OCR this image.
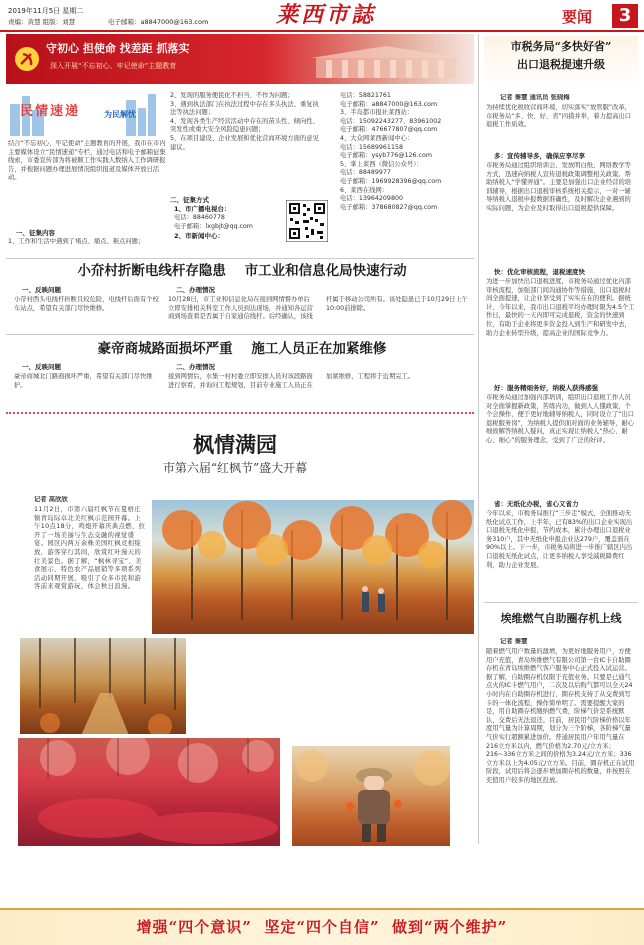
2019年11月5日 星期二
责编：黄慧 组版：刘慧	电子邮箱：a8847000@163.com	莱西市誌	要闻	3
守初心 担使命 找差距 抓落实
深入开展“不忘初心、牢记使命”主题教育
民情速递	为民解忧
结合“不忘初心、牢记使命”主题教育的开展，我市在市内主要媒体设立“民情速递”专栏，通过电话和电子邮箱征集线索，市委宣传部为将被顺工作实践人数纳入工作调研报告，并根据问题办理进展情况组织报道及媒体开放日活动。
一、征集内容
1、工作和生活中遇到了堵点、痛点、难点问题；
2、发现的服务便民化不担当、不作为问题；
3、遇到执法部门在执法过程中存在多头执法、重复执法等执法问题；
4、发现各类生产经营活动中存在的苗头性、倾向性、突发性或重大安全风险隐患问题；
5、在项目建设、企业发展和优化营商环境方面的意见建议。
二、征集方式
1、市广播电视台：
电话：88460778
电子邮箱：lxgbjt@qq.com
2、市新闻中心：
电话：58821761
电子邮箱：a8847000@163.com
3、半岛都市报社莱西站：
电话：15092243277、83961002
电子邮箱：476677807@qq.com
4、大众网莱西新闻中心：
电话：15689961158
电子邮箱：ysyb776@126.com
5、掌上莱西（微信公众号）：
电话：88489977
电子邮箱：1969928396@qq.com
6、莱西在线网：
电话：13964209800
电子邮箱：378680827@qq.com
小夼村折断电线杆存隐患    市工业和信息化局快速行动
一、反映问题
小夼村西头电线杆折断且较危险，电线杆后面有个校车站点，希望有关部门尽快维修。
二、办理情况
10月28日，市工业和信息化局在接到网情督办单后立即安排相关科室工作人员到达现场，并通知各运营商到场查看是否属于自家通信线杆。后经确认，该线杆属于移动公司所有。该处隐患已于10月29日上午10:00前排除。
豪帝商城路面损坏严重    施工人员正在加紧维修
一、反映问题
豪帝商城北门路面损坏严重，希望有关部门尽快维护。
二、办理情况
接到网情后，水集一村村委立即安排人员对该段路面进行察看，并询问工程规划，目前专业施工人员正在加紧维修，工程将于近期完工。
枫情满园
市第六届“红枫节”盛大开幕
记者 高欣欣
11月2日，市第六届红枫节在夏格庄镇青岛际卓北美红枫示范园开幕。上午10点18分，鸣炮开幕庆典点燃，拉开了一场美丽与生态交融的视觉盛宴。园区内两万余株美国红枫竞相绽放，游客穿行其间，欣赏红叶漫天的壮美景色。据了解，“枫林寻宝”、美食展示、特色农产品展销等多项系列活动同期开展，吸引了众多市民和游客前来观赏游玩，体会秋日浪漫。
市税务局“多快好省”
出口退税提速升级
记者 秦慧 通讯员 张晓梅
为持续优化税收营商环境，切实落实“放管服”改革，市税务局“多、快、好、省”四措并举，着力提高出口退税工作质效。
多：宣传辅导多，确保应享尽享
市税务局通过组织培训会、发放明白纸、网络教学等方式，迅速向纳税人宣传退税政策调整相关政策。帮助纳税人“学懂弄通”。主要是加强出口企业经营的培训辅导，根据出口退税审核系统相关提示，一对一辅导纳税人退税申报数据准确性，及时解决企业遇到的实际问题，为企业及时取得出口退税提供保障。
快：优化审核流程，退税速度快
为进一步加快出口退税进度，市税务局通过优化内部审核流程，加强部门间沟通协作等措施，出口退税时间全面提速，让企业享受到了实实在在的便利。据统计，今年以来，我市出口退税平均办理时限为4.5个工作日，最快的一天内即可完成退税，资金的快速到位，有助于企业将更多资金投入到生产和研发中去，助力企业转型升级，提高企业的国际竞争力。
好：服务精细务好，纳税人获得感强
市税务局通过加强内部培训，组织出口退税工作人员对全面掌握新政策，苦练内功，做到人人懂政策，个个会操作，便于更好地辅导纳税人，同时设立了“出口退税服务岗”，为纳税人提供面对面的业务辅导，耐心细致解答纳税人疑问，真正实现让纳税人“热心、耐心、细心”的服务理念，受到了广泛的好评。
省：无纸化办税，省心又省力
今年以来，市税务局推行“三步走”模式，全面推动无纸化试点工作，上半年，已有83%的出口企业实现出口退税无纸化申报，节约成本，累计办理出口退税业务310户，其中无纸化申报企业达279户，覆盖面在90%以上。下一步，市税务局将进一步推广辖区内出口退税无纸化试点，让更多纳税人享受减税降费红利，助力企业发展。
埃维燃气自助圈存机上线
记者 秦慧
随着燃气用户数量的激增，为更好地服务用户，方便用户充值，青岛埃维燃气有限公司第一台IC卡自助圈存机在青岛埃维燃气客户服务中心正式投入试运营。
据了解，自助圈存机仅限于充值业务。只要是已通气点火的IC卡燃气用户，二次及以后购气都可以全天24小时内在自助圈存机进行，圈存机支持了从交费到写卡的一体化流程，操作简单明了。需要提醒大家的是，用自助圈存机缴纳燃气费，阶梯气价是系统默认，交费后无法退还。目前，居民用气阶梯价格以年度用气量为计算周期，划分为三个阶梯，各阶梯气量气价实行超额累进加价。普通居民用户年用气量在216立方米以内，燃气价格为2.70元/立方米；216~336立方米之间的价格为3.24元/立方米；336立方米以上为4.05元/立方米。目前，圈存机正在试用阶段，试用后将会逐步增加圈存机的数量，并按照在充值用户较多的地区投放。
增强“四个意识”  坚定“四个自信”  做到“两个维护”
